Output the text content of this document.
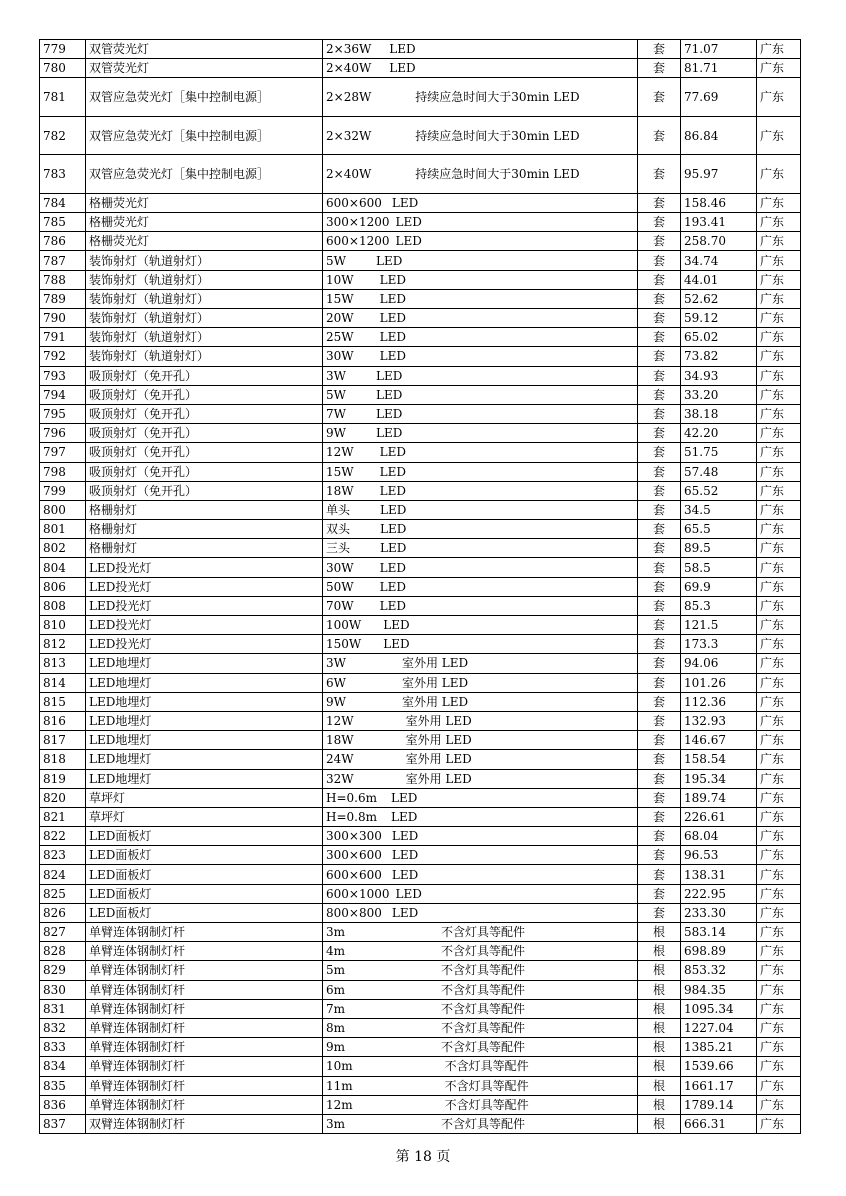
779	双管荧光灯	2×36W LED	套	71.07	广东
780	双管荧光灯	2×40W LED	套	81.71	广东
781	双管应急荧光灯［集中控制电源］	2×28W 持续应急时间大于30min LED	套	77.69	广东
782	双管应急荧光灯［集中控制电源］	2×32W 持续应急时间大于30min LED	套	86.84	广东
783	双管应急荧光灯［集中控制电源］	2×40W 持续应急时间大于30min LED	套	95.97	广东
784	格栅荧光灯	600×600 LED	套	158.46	广东
785	格栅荧光灯	300×1200 LED	套	193.41	广东
786	格栅荧光灯	600×1200 LED	套	258.70	广东
787	装饰射灯（轨道射灯）	5W LED	套	34.74	广东
788	装饰射灯（轨道射灯）	10W LED	套	44.01	广东
789	装饰射灯（轨道射灯）	15W LED	套	52.62	广东
790	装饰射灯（轨道射灯）	20W LED	套	59.12	广东
791	装饰射灯（轨道射灯）	25W LED	套	65.02	广东
792	装饰射灯（轨道射灯）	30W LED	套	73.82	广东
793	吸顶射灯（免开孔）	3W LED	套	34.93	广东
794	吸顶射灯（免开孔）	5W LED	套	33.20	广东
795	吸顶射灯（免开孔）	7W LED	套	38.18	广东
796	吸顶射灯（免开孔）	9W LED	套	42.20	广东
797	吸顶射灯（免开孔）	12W LED	套	51.75	广东
798	吸顶射灯（免开孔）	15W LED	套	57.48	广东
799	吸顶射灯（免开孔）	18W LED	套	65.52	广东
800	格栅射灯	单头 LED	套	34.5	广东
801	格栅射灯	双头 LED	套	65.5	广东
802	格栅射灯	三头 LED	套	89.5	广东
804	LED投光灯	30W LED	套	58.5	广东
806	LED投光灯	50W LED	套	69.9	广东
808	LED投光灯	70W LED	套	85.3	广东
810	LED投光灯	100W LED	套	121.5	广东
812	LED投光灯	150W LED	套	173.3	广东
813	LED地埋灯	3W 室外用 LED	套	94.06	广东
814	LED地埋灯	6W 室外用 LED	套	101.26	广东
815	LED地埋灯	9W 室外用 LED	套	112.36	广东
816	LED地埋灯	12W 室外用 LED	套	132.93	广东
817	LED地埋灯	18W 室外用 LED	套	146.67	广东
818	LED地埋灯	24W 室外用 LED	套	158.54	广东
819	LED地埋灯	32W 室外用 LED	套	195.34	广东
820	草坪灯	H=0.6m LED	套	189.74	广东
821	草坪灯	H=0.8m LED	套	226.61	广东
822	LED面板灯	300×300 LED	套	68.04	广东
823	LED面板灯	300×600 LED	套	96.53	广东
824	LED面板灯	600×600 LED	套	138.31	广东
825	LED面板灯	600×1000 LED	套	222.95	广东
826	LED面板灯	800×800 LED	套	233.30	广东
827	单臂连体钢制灯杆	3m 不含灯具等配件	根	583.14	广东
828	单臂连体钢制灯杆	4m 不含灯具等配件	根	698.89	广东
829	单臂连体钢制灯杆	5m 不含灯具等配件	根	853.32	广东
830	单臂连体钢制灯杆	6m 不含灯具等配件	根	984.35	广东
831	单臂连体钢制灯杆	7m 不含灯具等配件	根	1095.34	广东
832	单臂连体钢制灯杆	8m 不含灯具等配件	根	1227.04	广东
833	单臂连体钢制灯杆	9m 不含灯具等配件	根	1385.21	广东
834	单臂连体钢制灯杆	10m 不含灯具等配件	根	1539.66	广东
835	单臂连体钢制灯杆	11m 不含灯具等配件	根	1661.17	广东
836	单臂连体钢制灯杆	12m 不含灯具等配件	根	1789.14	广东
837	双臂连体钢制灯杆	3m 不含灯具等配件	根	666.31	广东
第 18 页
